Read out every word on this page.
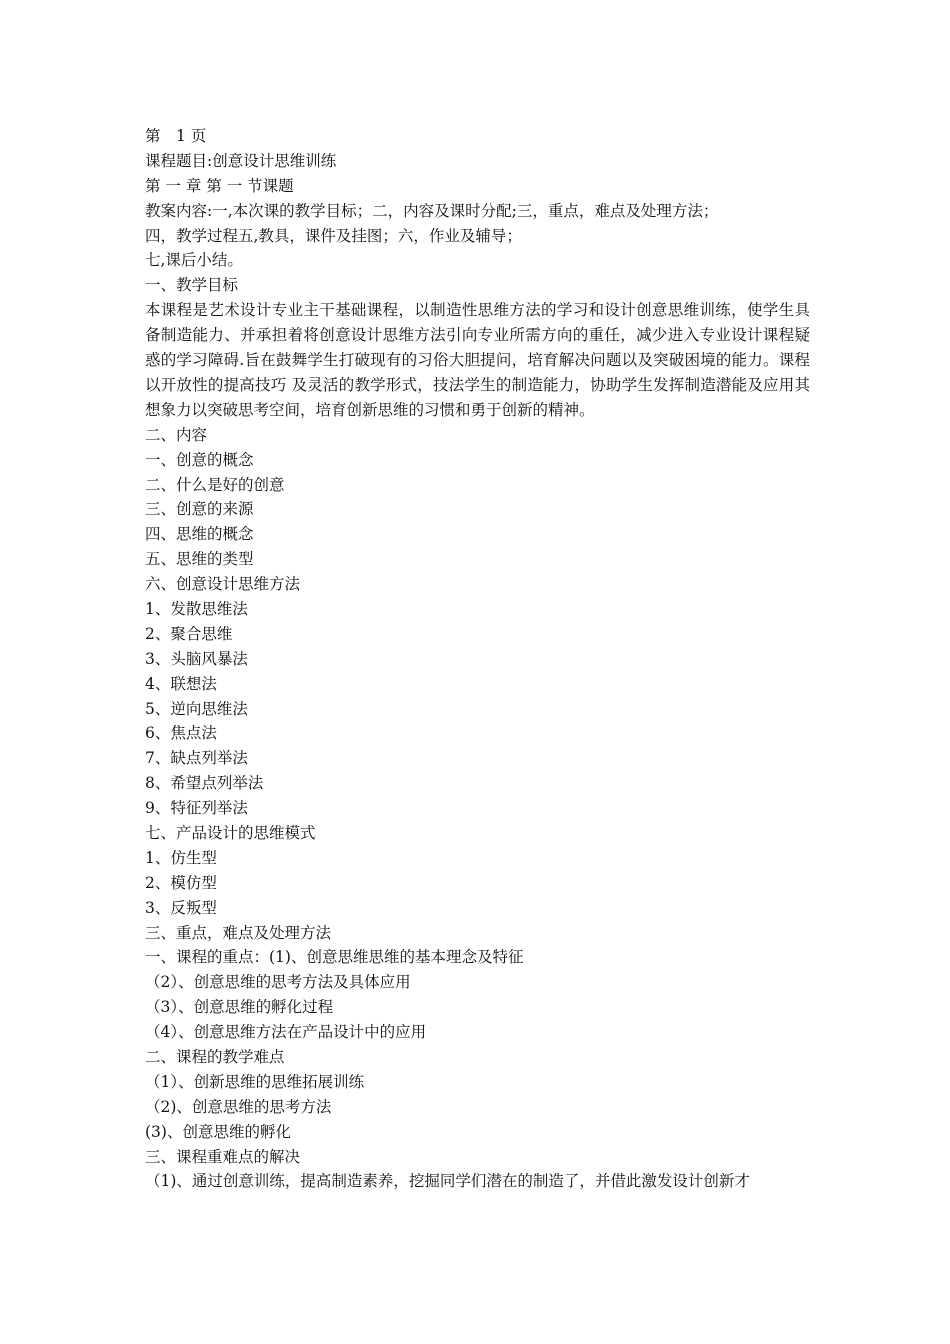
第　1 页
课程题目:创意设计思维训练
第 一 章 第 一 节课题
教案内容:一,本次课的教学目标；二，内容及课时分配;三，重点，难点及处理方法；
四，教学过程五,教具，课件及挂图；六，作业及辅导；
七,课后小结。
一、教学目标
本课程是艺术设计专业主干基础课程，以制造性思维方法的学习和设计创意思维训练，使学生具备制造能力、并承担着将创意设计思维方法引向专业所需方向的重任，减少进入专业设计课程疑惑的学习障碍.旨在鼓舞学生打破现有的习俗大胆提问，培育解决问题以及突破困境的能力。课程以开放性的提高技巧 及灵活的教学形式，技法学生的制造能力，协助学生发挥制造潜能及应用其想象力以突破思考空间，培育创新思维的习惯和勇于创新的精神。
二、内容
一、创意的概念
二、什么是好的创意
三、创意的来源
四、思维的概念
五、思维的类型
六、创意设计思维方法
1、发散思维法
2、聚合思维
3、头脑风暴法
4、联想法
5、逆向思维法
6、焦点法
7、缺点列举法
8、希望点列举法
9、特征列举法
七、产品设计的思维模式
1、仿生型
2、模仿型
3、反叛型
三、重点，难点及处理方法
一、课程的重点：(1)、创意思维思维的基本理念及特征
（2）、创意思维的思考方法及具体应用
（3）、创意思维的孵化过程
（4）、创意思维方法在产品设计中的应用
二、课程的教学难点
（1）、创新思维的思维拓展训练
（2)、创意思维的思考方法
(3)、创意思维的孵化
三、课程重难点的解决
（1)、通过创意训练，提高制造素养，挖掘同学们潜在的制造了，并借此激发设计创新才
